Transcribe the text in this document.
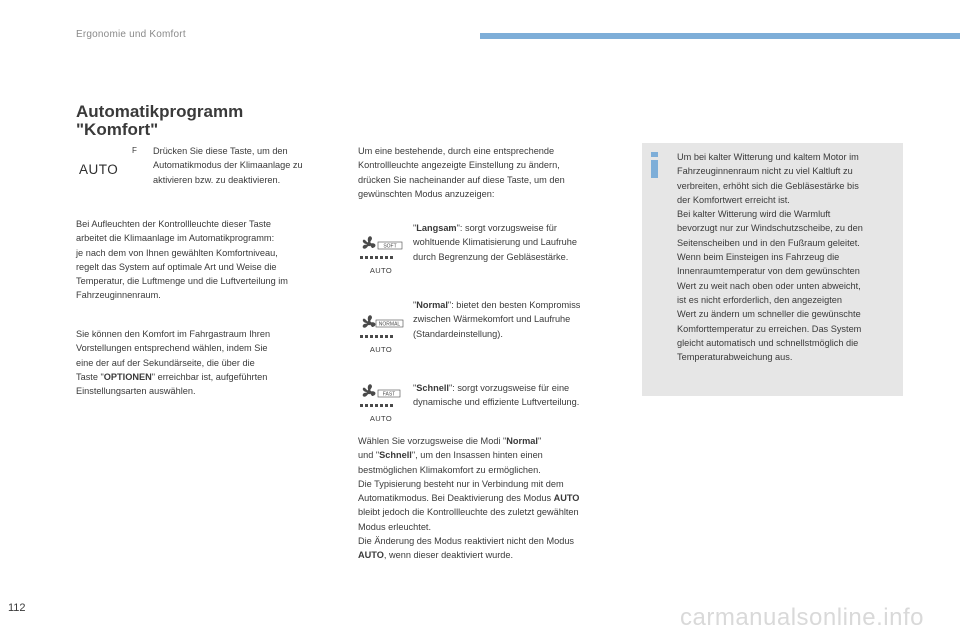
Ergonomie und Komfort
Automatikprogramm
"Komfort"
AUTO
F Drücken Sie diese Taste, um den
Automatikmodus der Klimaanlage zu
aktivieren bzw. zu deaktivieren.
Bei Aufleuchten der Kontrollleuchte dieser Taste
arbeitet die Klimaanlage im Automatikprogramm:
je nach dem von Ihnen gewählten Komfortniveau,
regelt das System auf optimale Art und Weise die
Temperatur, die Luftmenge und die Luftverteilung im
Fahrzeuginnenraum.
Sie können den Komfort im Fahrgastraum Ihren
Vorstellungen entsprechend wählen, indem Sie
eine der auf der Sekundärseite, die über die
Taste "OPTIONEN" erreichbar ist, aufgeführten
Einstellungsarten auswählen.
Um eine bestehende, durch eine entsprechende
Kontrollleuchte angezeigte Einstellung zu ändern,
drücken Sie nacheinander auf diese Taste, um den
gewünschten Modus anzuzeigen:
SOFT
AUTO
NORMAL
AUTO
FAST
AUTO
"Langsam": sorgt vorzugsweise für
wohltuende Klimatisierung und Laufruhe
durch Begrenzung der Gebläsestärke.
"Normal": bietet den besten Kompromiss
zwischen Wärmekomfort und Laufruhe
(Standardeinstellung).
"Schnell": sorgt vorzugsweise für eine
dynamische und effiziente Luftverteilung.
Wählen Sie vorzugsweise die Modi "Normal"
und "Schnell", um den Insassen hinten einen
bestmöglichen Klimakomfort zu ermöglichen.
Die Typisierung besteht nur in Verbindung mit dem
Automatikmodus. Bei Deaktivierung des Modus AUTO
bleibt jedoch die Kontrollleuchte des zuletzt gewählten
Modus erleuchtet.
Die Änderung des Modus reaktiviert nicht den Modus
AUTO, wenn dieser deaktiviert wurde.
Um bei kalter Witterung und kaltem Motor im
Fahrzeuginnenraum nicht zu viel Kaltluft zu
verbreiten, erhöht sich die Gebläsestärke bis
der Komfortwert erreicht ist.
Bei kalter Witterung wird die Warmluft
bevorzugt nur zur Windschutzscheibe, zu den
Seitenscheiben und in den Fußraum geleitet.
Wenn beim Einsteigen ins Fahrzeug die
Innenraumtemperatur von dem gewünschten
Wert zu weit nach oben oder unten abweicht,
ist es nicht erforderlich, den angezeigten
Wert zu ändern um schneller die gewünschte
Komforttemperatur zu erreichen. Das System
gleicht automatisch und schnellstmöglich die
Temperaturabweichung aus.
112	carmanualsonline.info
